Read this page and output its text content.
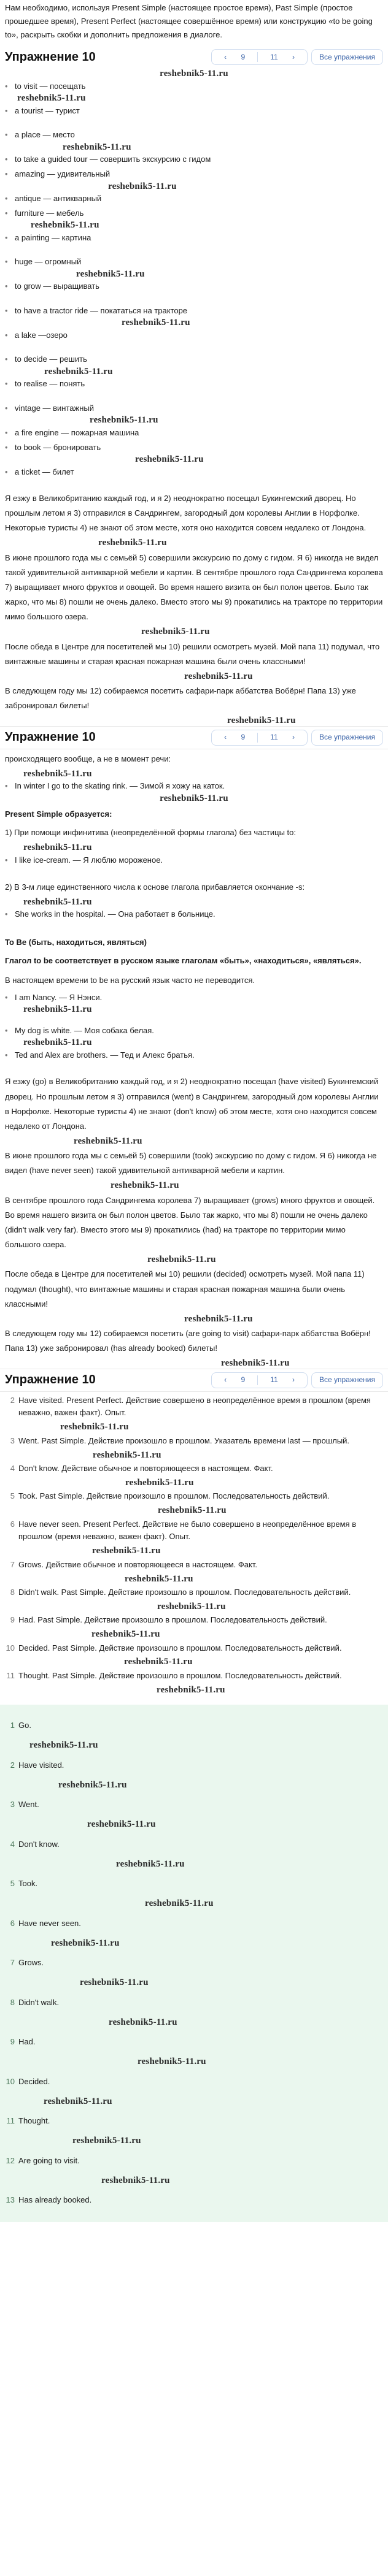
Нам необходимо, используя Present Simple (настоящее простое время), Past Simple (простое прошедшее время), Present Perfect (настоящее совершённое время) или конструкцию «to be going to», раскрыть скобки и дополнить предложения в диалоге.

Упражнение 10	‹
	9	11
	›	Все упражнения
reshebnik5-11.ru
• to visit — посещать
reshebnik5-11.ru
• a tourist — турист
• a place — место
reshebnik5-11.ru
• to take a guided tour — совершить экскурсию с гидом
• amazing — удивительный
reshebnik5-11.ru
• antique — антикварный
• furniture — мебель
reshebnik5-11.ru
• a painting — картина
• huge — огромный
reshebnik5-11.ru
• to grow — выращивать
• to have a tractor ride — покататься на тракторе
reshebnik5-11.ru
• a lake —озеро
• to decide — решить
reshebnik5-11.ru
• to realise — понять
• vintage — винтажный
reshebnik5-11.ru
• a fire engine — пожарная машина
• to book — бронировать
reshebnik5-11.ru
• a ticket — билет

Я езжу в Великобританию каждый год, и я 2) неоднократно посещал Букингемский дворец. Но прошлым летом я 3) отправился в Сандрингем, загородный дом королевы Англии в Норфолке. Некоторые туристы 4) не знают об этом месте, хотя оно находится совсем недалеко от Лондона.

reshebnik5-11.ru

В июне прошлого года мы с семьёй 5) совершили экскурсию по дому с гидом. Я 6) никогда не видел такой удивительной антикварной мебели и картин. В сентябре прошлого года Сандрингема королева 7) выращивает много фруктов и овощей. Во время нашего визита он был полон цветов. Было так жарко, что мы 8) пошли не очень далеко. Вместо этого мы 9) прокатились на тракторе по территории мимо большого озера.

reshebnik5-11.ru

После обеда в Центре для посетителей мы 10) решили осмотреть музей. Мой папа 11) подумал, что винтажные машины и старая красная пожарная машина были очень классными!

reshebnik5-11.ru

В следующем году мы 12) собираемся посетить сафари-парк аббатства Вобёрн! Папа 13) уже забронировал билеты!

reshebnik5-11.ru
Упражнение 10	‹
	9	11
	›	Все упражнения

происходящего вообще, а не в момент речи:

reshebnik5-11.ru
• In winter I go to the skating rink. — Зимой я хожу на каток.
reshebnik5-11.ru

Present Simple образуется:

1) При помощи инфинитива (неопределённой формы глагола) без частицы to:

reshebnik5-11.ru
• I like ice-cream. — Я люблю мороженое.

2) В 3-м лице единственного числа к основе глагола прибавляется окончание -s:

reshebnik5-11.ru
• She works in the hospital. — Она работает в больнице.

To Be (быть, находиться, являться)

Глагол to be соответствует в русском языке глаголам «быть», «находиться», «являться».

В настоящем времени to be на русский язык часто не переводится.

• I am Nancy. — Я Нэнси.
reshebnik5-11.ru
• My dog is white. — Моя собака белая.
reshebnik5-11.ru
• Ted and Alex are brothers. — Тед и Алекс братья.

Я езжу (go) в Великобританию каждый год, и я 2) неоднократно посещал (have visited) Букингемский дворец. Но прошлым летом я 3) отправился (went) в Сандрингем, загородный дом королевы Англии в Норфолке. Некоторые туристы 4) не знают (don't know) об этом месте, хотя оно находится совсем недалеко от Лондона.

reshebnik5-11.ru

В июне прошлого года мы с семьёй 5) совершили (took) экскурсию по дому с гидом. Я 6) никогда не видел (have never seen) такой удивительной антикварной мебели и картин.

reshebnik5-11.ru

В сентябре прошлого года Сандрингема королева 7) выращивает (grows) много фруктов и овощей. Во время нашего визита он был полон цветов. Было так жарко, что мы 8) пошли не очень далеко (didn't walk very far). Вместо этого мы 9) прокатились (had) на тракторе по территории мимо большого озера.

reshebnik5-11.ru

После обеда в Центре для посетителей мы 10) решили (decided) осмотреть музей. Мой папа 11) подумал (thought), что винтажные машины и старая красная пожарная машина были очень классными!

reshebnik5-11.ru

В следующем году мы 12) собираемся посетить (are going to visit) сафари-парк аббатства Вобёрн! Папа 13) уже забронировал (has already booked) билеты!

reshebnik5-11.ru
Упражнение 10	‹
	9	11
	›	Все упражнения
2 Have visited. Present Perfect. Действие совершено в неопределённое время в прошлом (время неважно, важен факт). Опыт.
reshebnik5-11.ru
3 Went. Past Simple. Действие произошло в прошлом. Указатель времени last — прошлый.
reshebnik5-11.ru
4 Don't know. Действие обычное и повторяющееся в настоящем. Факт.
reshebnik5-11.ru
5 Took. Past Simple. Действие произошло в прошлом. Последовательность действий.
reshebnik5-11.ru
6 Have never seen. Present Perfect. Действие не было совершено в неопределённое время в прошлом (время неважно, важен факт). Опыт.
reshebnik5-11.ru
7 Grows. Действие обычное и повторяющееся в настоящем. Факт.
reshebnik5-11.ru
8 Didn't walk. Past Simple. Действие произошло в прошлом. Последовательность действий.
reshebnik5-11.ru
9 Had. Past Simple. Действие произошло в прошлом. Последовательность действий.
reshebnik5-11.ru
10 Decided. Past Simple. Действие произошло в прошлом. Последовательность действий.
reshebnik5-11.ru
11 Thought. Past Simple. Действие произошло в прошлом. Последовательность действий.
reshebnik5-11.ru
1 Go.
reshebnik5-11.ru
2 Have visited.
reshebnik5-11.ru
3 Went.
reshebnik5-11.ru
4 Don't know.
reshebnik5-11.ru
5 Took.
reshebnik5-11.ru
6 Have never seen.
reshebnik5-11.ru
7 Grows.
reshebnik5-11.ru
8 Didn't walk.
reshebnik5-11.ru
9 Had.
reshebnik5-11.ru
10 Decided.
reshebnik5-11.ru
11 Thought.
reshebnik5-11.ru
12 Are going to visit.
reshebnik5-11.ru
13 Has already booked.
